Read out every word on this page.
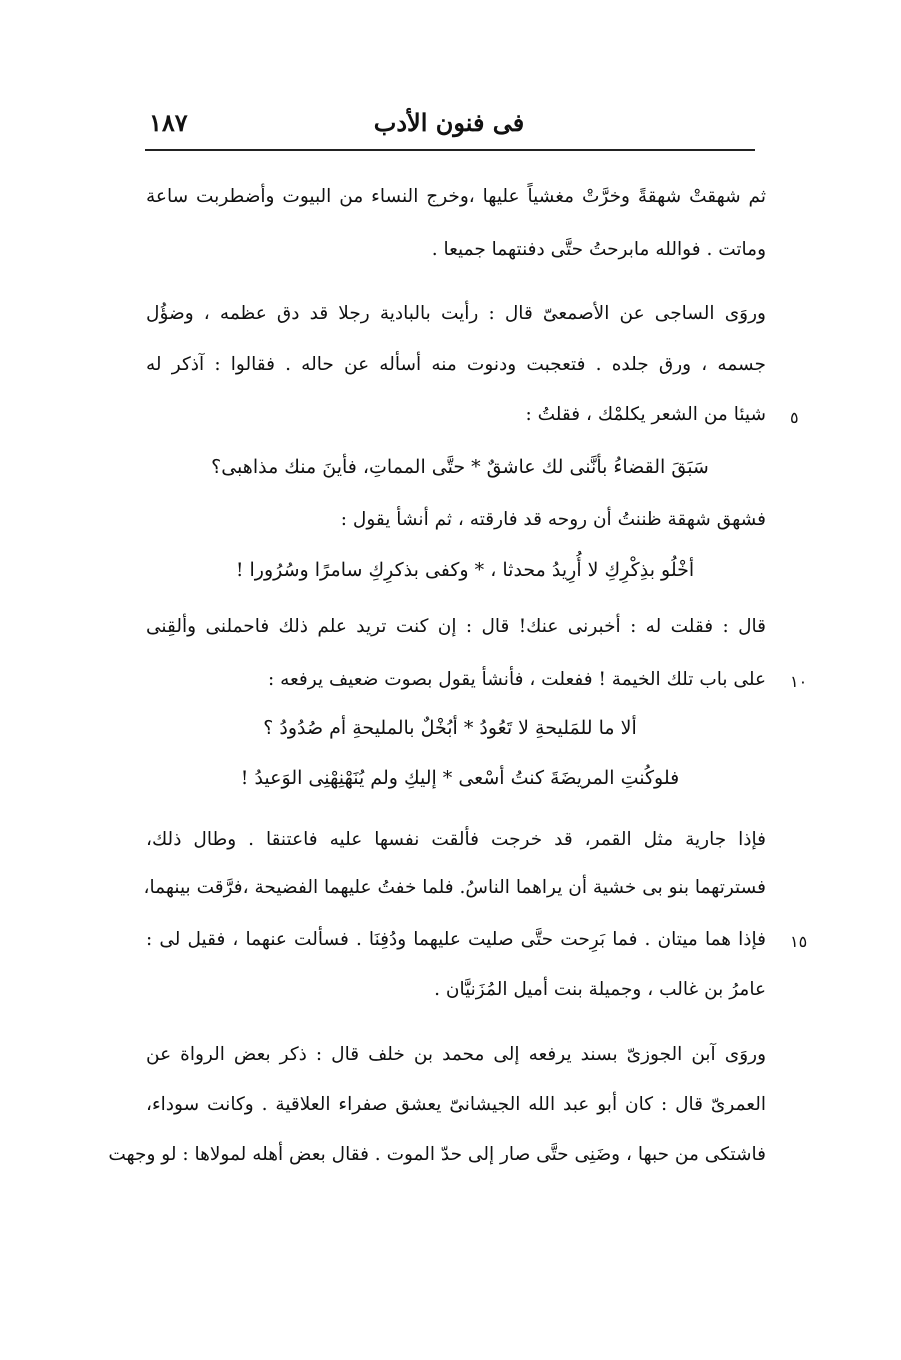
١٨٧	فى فنون الأدب
ثم شهقتْ شهقةً وخرَّتْ مغشياً عليها ،وخرج النساء من البيوت وأضطربت ساعة
وماتت . فوالله مابرحتُ حتَّى دفنتهما جميعا .
وروَى الساجى عن الأصمعىّ قال : رأيت بالبادية رجلا قد دق عظمه ، وضؤُل
جسمه ، ورق جلده . فتعجبت ودنوت منه أسأله عن حاله . فقالوا : آذكر له
شيئا من الشعر يكلمْك ، فقلتُ :
سَبَقَ القضاءُ بأنَّنى لك عاشقٌ * حتَّى المماتِ، فأينَ منك مذاهبى؟
فشهق شهقة ظننتُ أن روحه قد فارقته ، ثم أنشأ يقول :
أخْلُو بذِكْرِكِ لا أُرِيدُ محدثا ، * وكفى بذكرِكِ سامرًا وسُرُورا !
قال : فقلت له : أخبرنى عنك! قال : إن كنت تريد علم ذلك فاحملنى وألقِنى
على باب تلك الخيمة ! ففعلت ، فأنشأ يقول بصوت ضعيف يرفعه :
ألا ما للمَليحةِ لا تَعُودُ * أبُخْلٌ بالمليحةِ أم صُدُودُ ؟
فلوكُنتِ المريضَةَ كنتُ أسْعى * إليكِ ولم يُنَهْنِهْنِى الوَعيدُ !
فإذا جارية مثل القمر، قد خرجت فألقت نفسها عليه فاعتنقا . وطال ذلك،
فسترتهما بنو بى خشية أن يراهما الناسُ. فلما خفتُ عليهما الفضيحة ،فرَّقت بينهما،
فإذا هما ميتان . فما بَرِحت حتَّى صليت عليهما ودُفِنَا . فسألت عنهما ، فقيل لى :
عامرُ بن غالب ، وجميلة بنت أميل المُزَنيَّان .
وروَى آبن الجوزىّ بسند يرفعه إلى محمد بن خلف قال : ذكر بعض الرواة عن
العمرىّ قال : كان أبو عبد الله الجيشانىّ يعشق صفراء العلاقية . وكانت سوداء،
فاشتكى من حبها ، وضَنِى حتَّى صار إلى حدّ الموت . فقال بعض أهله لمولاها : لو وجهت
٥
١٠
١٥
